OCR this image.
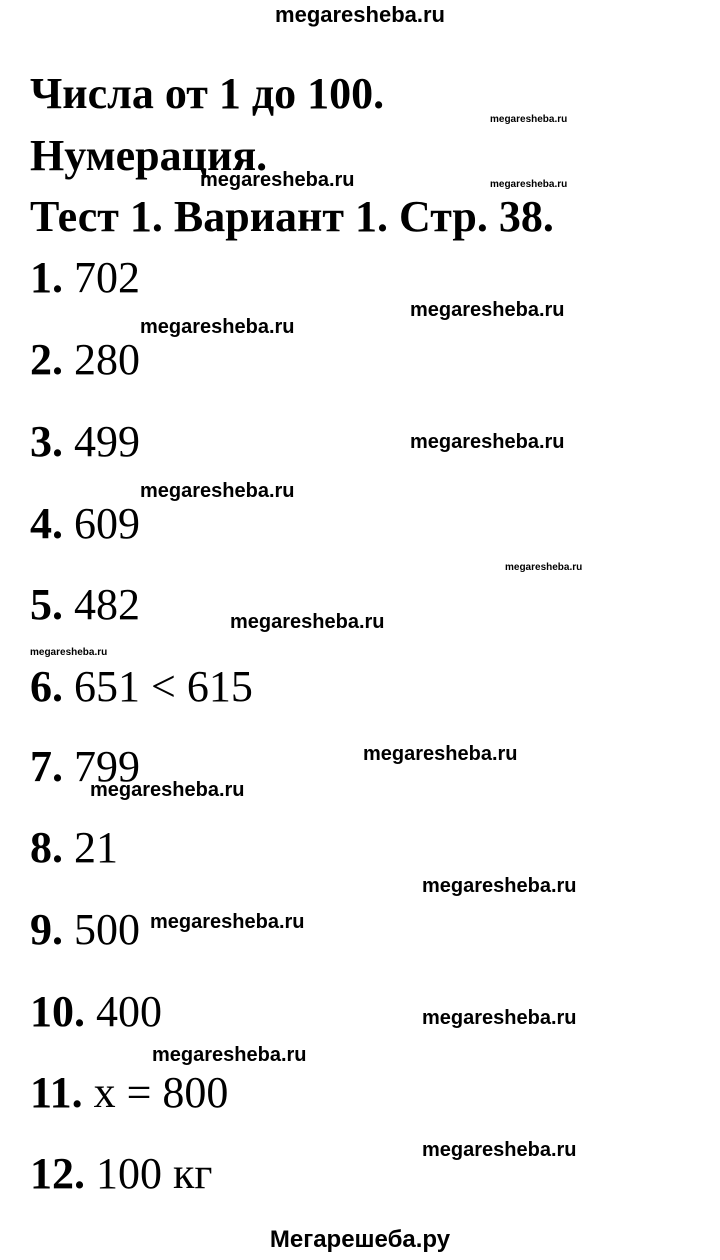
megaresheba.ru
Числа от 1 до 100.
Нумерация.
Тест 1. Вариант 1. Стр. 38.
1. 702
2. 280
3. 499
4. 609
5. 482
6. 651 < 615
7. 799
8. 21
9. 500
10. 400
11. x = 800
12. 100 кг
megaresheba.ru
megaresheba.ru	megaresheba.ru
megaresheba.ru
megaresheba.ru
megaresheba.ru
megaresheba.ru
megaresheba.ru
megaresheba.ru
megaresheba.ru
megaresheba.ru
megaresheba.ru
megaresheba.ru
megaresheba.ru
megaresheba.ru
megaresheba.ru
megaresheba.ru
Мегарешеба.ру
